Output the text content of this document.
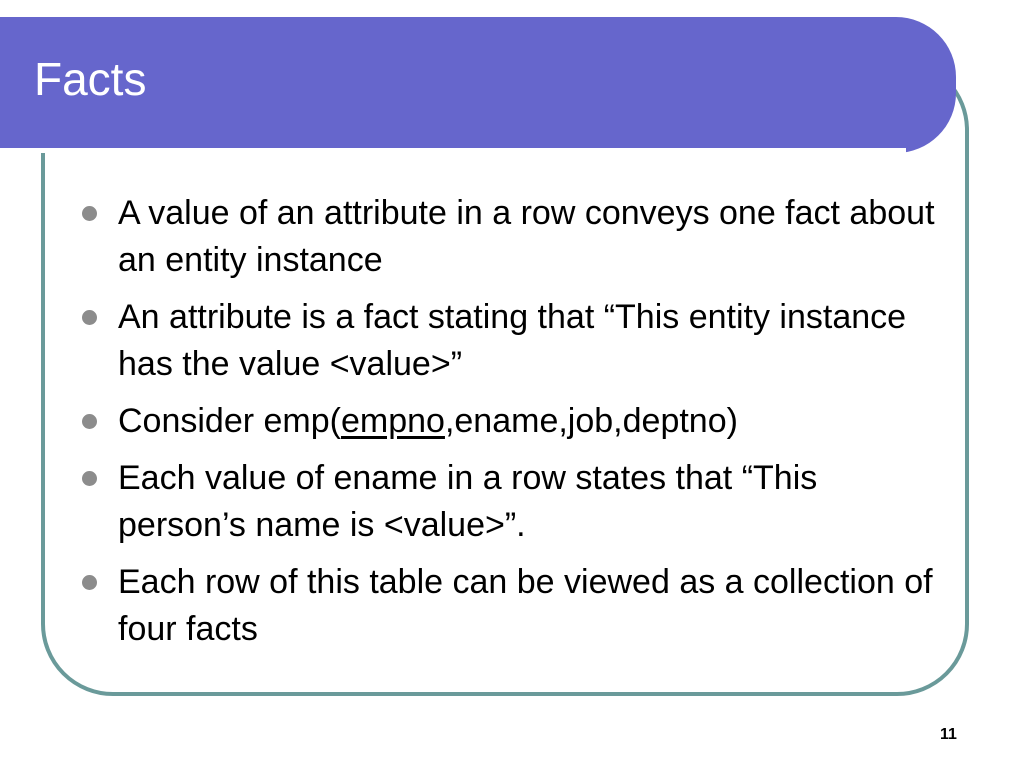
Facts
A value of an attribute in a row conveys one fact about an entity instance
An attribute is a fact stating that “This entity instance has the value <value>”
Consider emp(empno,ename,job,deptno)
Each value of ename in a row states that “This person’s name is <value>”.
Each row of this table can be viewed as a collection of four facts
11
